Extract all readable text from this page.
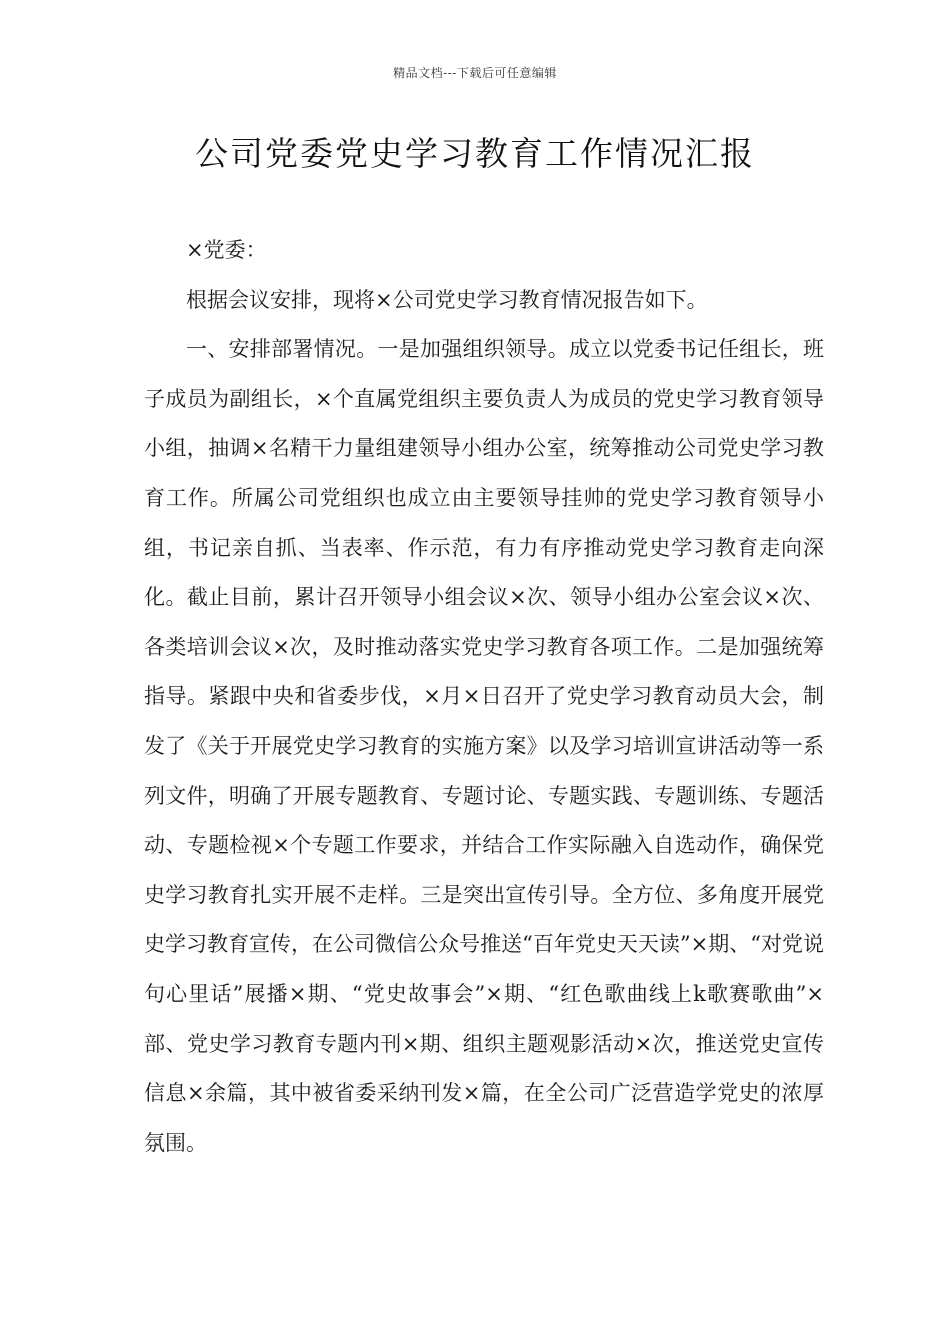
精品文档---下载后可任意编辑
公司党委党史学习教育工作情况汇报

×党委：

根据会议安排，现将×公司党史学习教育情况报告如下。

一、安排部署情况。一是加强组织领导。成立以党委书记任组长，班子成员为副组长，×个直属党组织主要负责人为成员的党史学习教育领导小组，抽调×名精干力量组建领导小组办公室，统筹推动公司党史学习教育工作。所属公司党组织也成立由主要领导挂帅的党史学习教育领导小组，书记亲自抓、当表率、作示范，有力有序推动党史学习教育走向深化。截止目前，累计召开领导小组会议×次、领导小组办公室会议×次、各类培训会议×次，及时推动落实党史学习教育各项工作。二是加强统筹指导。紧跟中央和省委步伐，×月×日召开了党史学习教育动员大会，制发了《关于开展党史学习教育的实施方案》以及学习培训宣讲活动等一系列文件，明确了开展专题教育、专题讨论、专题实践、专题训练、专题活动、专题检视×个专题工作要求，并结合工作实际融入自选动作，确保党史学习教育扎实开展不走样。三是突出宣传引导。全方位、多角度开展党史学习教育宣传，在公司微信公众号推送“百年党史天天读”×期、“对党说句心里话”展播×期、“党史故事会”×期、“红色歌曲线上k歌赛歌曲”×部、党史学习教育专题内刊×期、组织主题观影活动×次，推送党史宣传信息×余篇，其中被省委采纳刊发×篇，在全公司广泛营造学党史的浓厚氛围。
